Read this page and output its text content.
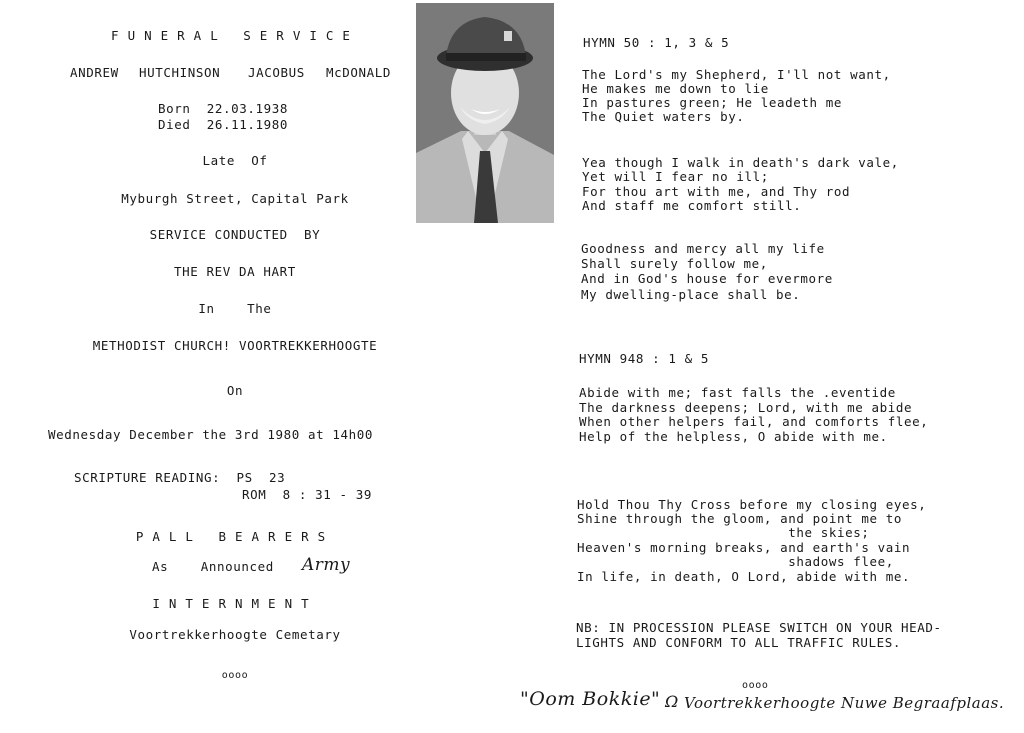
FUNERAL SERVICE
ANDREW HUTCHINSON JACOBUS McDONALD
Born  22.03.1938
Died  26.11.1980
Late  Of
Myburgh Street, Capital Park
SERVICE CONDUCTED  BY
THE REV DA HART
In    The
METHODIST CHURCH! VOORTREKKERHOOGTE
On
Wednesday December the 3rd 1980 at 14h00
SCRIPTURE READING:  PS  23
ROM  8 : 31 - 39
PALL BEARERS
As    Announced Army
INTERNMENT
Voortrekkerhoogte Cemetary
oooo
HYMN 50 : 1, 3 & 5
The Lord's my Shepherd, I'll not want,
He makes me down to lie
In pastures green; He leadeth me
The Quiet waters by.
Yea though I walk in death's dark vale,
Yet will I fear no ill;
For thou art with me, and Thy rod
And staff me comfort still.
Goodness and mercy all my life
Shall surely follow me,
And in God's house for evermore
My dwelling-place shall be.
HYMN 948 : 1 & 5
Abide with me; fast falls the .eventide
The darkness deepens; Lord, with me abide
When other helpers fail, and comforts flee,
Help of the helpless, O abide with me.
Hold Thou Thy Cross before my closing eyes,
Shine through the gloom, and point me to
the skies;
Heaven's morning breaks, and earth's vain
shadows flee,
In life, in death, O Lord, abide with me.
NB: IN PROCESSION PLEASE SWITCH ON YOUR HEAD-
LIGHTS AND CONFORM TO ALL TRAFFIC RULES.
oooo
"Oom Bokkie" Ω Voortrekkerhoogte Nuwe Begraafplaas.
